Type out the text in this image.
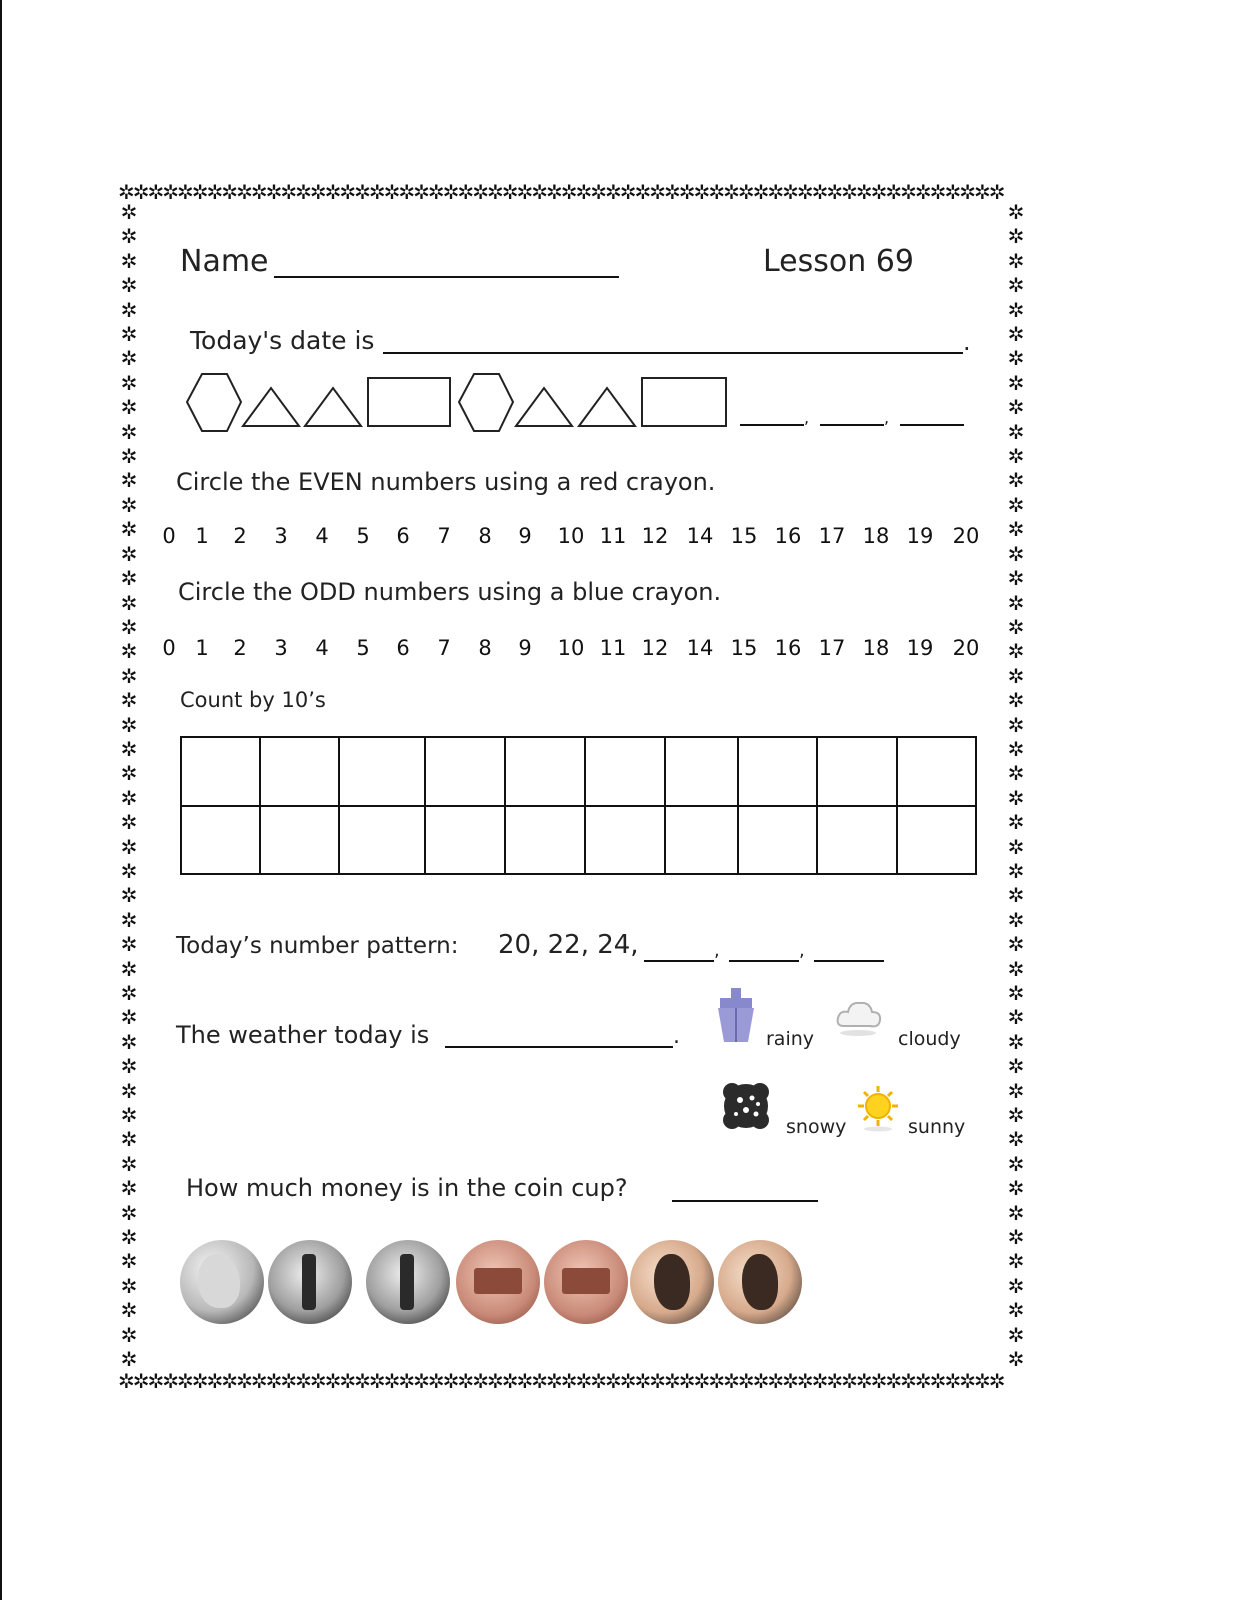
✲✲✲✲✲✲✲✲✲✲✲✲✲✲✲✲✲✲✲✲✲✲✲✲✲✲✲✲✲✲✲✲✲✲✲✲✲✲✲✲✲✲✲✲✲✲✲✲✲✲✲✲✲✲✲✲✲✲✲✲
✲✲✲✲✲✲✲✲✲✲✲✲✲✲✲✲✲✲✲✲✲✲✲✲✲✲✲✲✲✲✲✲✲✲✲✲✲✲✲✲✲✲✲✲✲✲✲✲✲✲✲✲✲✲✲✲✲✲✲✲
✲
✲
✲
✲
✲
✲
✲
✲
✲
✲
✲
✲
✲
✲
✲
✲
✲
✲
✲
✲
✲
✲
✲
✲
✲
✲
✲
✲
✲
✲
✲
✲
✲
✲
✲
✲
✲
✲
✲
✲
✲
✲
✲
✲
✲
✲
✲
✲
✲
✲
✲
✲
✲
✲
✲
✲
✲
✲
✲
✲
✲
✲
✲
✲
✲
✲
✲
✲
✲
✲
✲
✲
✲
✲
✲
✲
✲
✲
✲
✲
✲
✲
✲
✲
✲
✲
✲
✲
✲
✲
✲
✲
✲
✲
✲
✲
Name	Lesson 69
Today's date is	.
,	,
Circle the EVEN numbers using a red crayon.
0 1 2 3 4 5 6 7 8 9 10 11 12 14 15 16 17 18 19 20
Circle the ODD numbers using a blue crayon.
0 1 2 3 4 5 6 7 8 9 10 11 12 14 15 16 17 18 19 20
Count by 10’s

Today’s number pattern: 20, 22, 24,	,	,
The weather today is	.	rainy	cloudy
snowy	sunny
How much money is in the coin cup?
